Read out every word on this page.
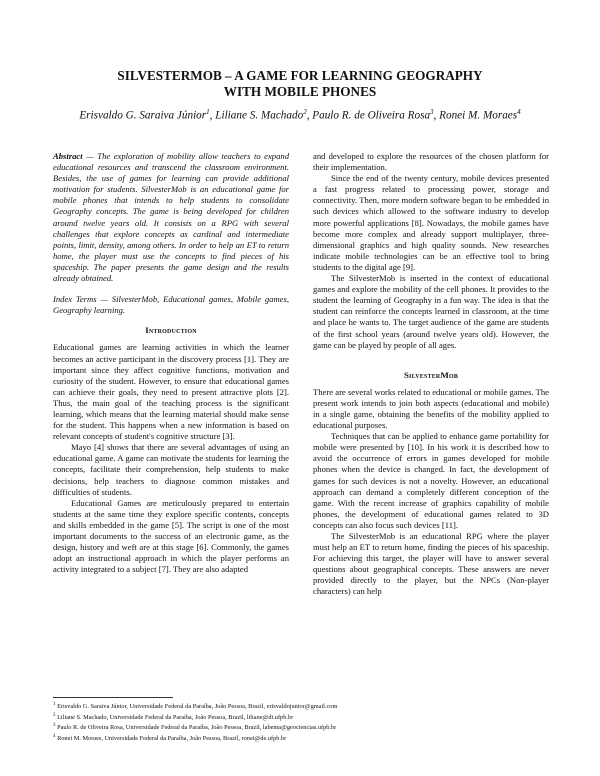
SILVESTERMOB – A GAME FOR LEARNING GEOGRAPHY
WITH MOBILE PHONES
Erisvaldo G. Saraiva Júnior$^1$, Liliane S. Machado$^2$, Paulo R. de Oliveira Rosa$^3$, Ronei M. Moraes$^4$

Abstract — The exploration of mobility allow teachers to expand educational resources and transcend the classroom environment. Besides, the use of games for learning can provide additional motivation for students. SilvesterMob is an educational game for mobile phones that intends to help students to consolidate Geography concepts. The game is being developed for children around twelve years old. It consists on a RPG with several challenges that explore concepts as cardinal and intermediate points, limit, density, among others. In order to help an ET to return home, the player must use the concepts to find pieces of his spaceship. The paper presents the game design and the results already obtained.

Index Terms — SilvesterMob, Educational games, Mobile games, Geography learning.

Introduction

Educational games are learning activities in which the learner becomes an active participant in the discovery process [1]. They are important since they affect cognitive functions, motivation and curiosity of the student. However, to ensure that educational games can achieve their goals, they need to present attractive plots [2]. Thus, the main goal of the teaching process is the significant learning, which means that the learning material should make sense for the student. This happens when a new information is based on relevant concepts of student's cognitive structure [3].

Mayo [4] shows that there are several advantages of using an educational game. A game can motivate the students for learning the concepts, facilitate their comprehension, help students to make decisions, help teachers to diagnose common mistakes and difficulties of students.

Educational Games are meticulously prepared to entertain students at the same time they explore specific contents, concepts and skills embedded in the game [5]. The script is one of the most important documents to the success of an electronic game, as the design, history and weft are at this stage [6]. Commonly, the games adopt an instructional approach in which the player performs an activity integrated to a subject [7]. They are also adapted

and developed to explore the resources of the chosen platform for their implementation.

Since the end of the twenty century, mobile devices presented a fast progress related to processing power, storage and connectivity. Then, more modern software began to be embedded in such devices which allowed to the software industry to develop more powerful applications [8]. Nowadays, the mobile games have become more complex and already support multiplayer, three-dimensional graphics and high quality sounds. New researches indicate mobile technologies can be an effective tool to bring students to the digital age [9].

The SilvesterMob is inserted in the context of educational games and explore the mobility of the cell phones. It provides to the student the learning of Geography in a fun way. The idea is that the student can reinforce the concepts learned in classroom, at the time and place he wants to. The target audience of the game are students of the first school years (around twelve years old). However, the game can be played by people of all ages.

SilvesterMob

There are several works related to educational or mobile games. The present work intends to join both aspects (educational and mobile) in a single game, obtaining the benefits of the mobility applied to educational purposes.

Techniques that can be applied to enhance game portability for mobile were presented by [10]. In his work it is described how to avoid the occurrence of errors in games developed for mobile phones when the device is changed. In fact, the development of games for such devices is not a novelty. However, an educational approach can demand a completely different conception of the game. With the recent increase of graphics capability of mobile phones, the development of educational games related to 3D concepts can also focus such devices [11].

The SilvesterMob is an educational RPG where the player must help an ET to return home, finding the pieces of his spaceship. For achieving this target, the player will have to answer several questions about geographical concepts. These answers are never provided directly to the player, but the NPCs (Non-player characters) can help

$^1$ Erisvaldo G. Saraiva Júnior, Universidade Federal da Paraíba, João Pessoa, Brazil, erisvaldojunior@gmail.com
$^2$ Liliane S. Machado, Universidade Federal da Paraíba, João Pessoa, Brazil, liliane@di.ufpb.br
$^3$ Paulo R. de Oliveira Rosa, Universidade Federal da Paraíba, João Pessoa, Brazil, labema@geociencias.ufpb.br
$^4$ Ronei M. Moraes, Universidade Federal da Paraíba, João Pessoa, Brazil, ronei@de.ufpb.br
